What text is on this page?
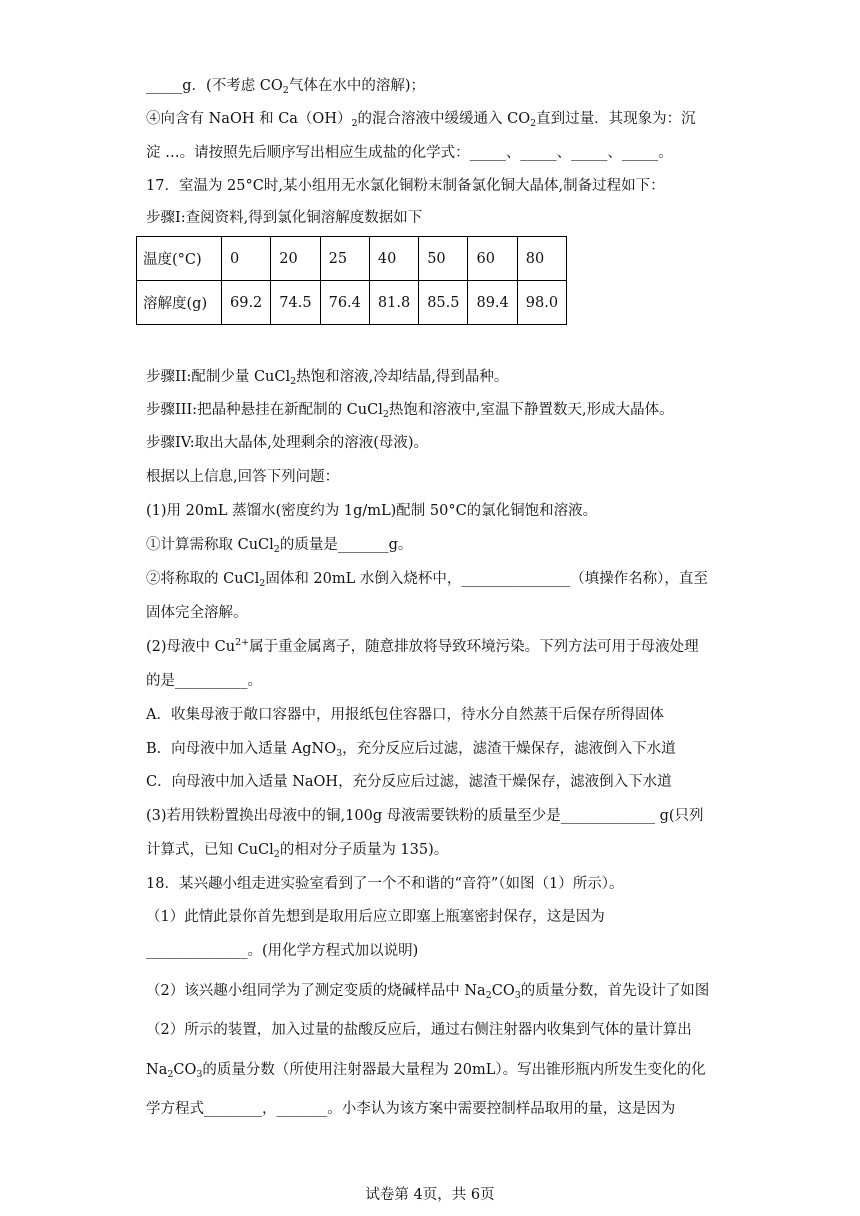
_____g．(不考虑 $CO_2$气体在水中的溶解)；
④向含有 NaOH 和 $Ca(OH)_2$的混合溶液中缓缓通入 $CO_2$直到过量．其现象为：沉
淀 …。请按照先后顺序写出相应生成盐的化学式：_____、_____、_____、_____。
17．室温为 25°C时,某小组用无水氯化铜粉末制备氯化铜大晶体,制备过程如下：
步骤I:查阅资料,得到氯化铜溶解度数据如下
温度(°C)	0	20	25	40	50	60	80
溶解度(g)	69.2	74.5	76.4	81.8	85.5	89.4	98.0
步骤II:配制少量 CuCl$_2$热饱和溶液,冷却结晶,得到晶种。
步骤III:把晶种悬挂在新配制的 CuCl$_2$热饱和溶液中,室温下静置数天,形成大晶体。
步骤IV:取出大晶体,处理剩余的溶液(母液)。
根据以上信息,回答下列问题：
(1)用 20mL 蒸馏水(密度约为 1g/mL)配制 50°C的氯化铜饱和溶液。
①计算需称取 CuCl$_2$的质量是_______g。
②将称取的 CuCl$_2$固体和 20mL 水倒入烧杯中，_______________（填操作名称），直至
固体完全溶解。
(2)母液中 $Cu^{2+}$属于重金属离子，随意排放将导致环境污染。下列方法可用于母液处理
的是__________。
A．收集母液于敞口容器中，用报纸包住容器口，待水分自然蒸干后保存所得固体
B．向母液中加入适量 AgNO$_3$，充分反应后过滤，滤渣干燥保存，滤液倒入下水道
C．向母液中加入适量 NaOH，充分反应后过滤，滤渣干燥保存，滤液倒入下水道
(3)若用铁粉置换出母液中的铜,100g 母液需要铁粉的质量至少是_____________ g(只列
计算式，已知 CuCl$_2$的相对分子质量为 135)。
18．某兴趣小组走进实验室看到了一个不和谐的“音符”（如图（1）所示）。
（1）此情此景你首先想到是取用后应立即塞上瓶塞密封保存，这是因为
______________。(用化学方程式加以说明)
（2）该兴趣小组同学为了测定变质的烧碱样品中 $Na_2CO_3$的质量分数，首先设计了如图
（2）所示的装置，加入过量的盐酸反应后，通过右侧注射器内收集到气体的量计算出
$Na_2CO_3$的质量分数（所使用注射器最大量程为 20mL）。写出锥形瓶内所发生变化的化
学方程式________，_______。小李认为该方案中需要控制样品取用的量，这是因为
试卷第 4页，共 6页
